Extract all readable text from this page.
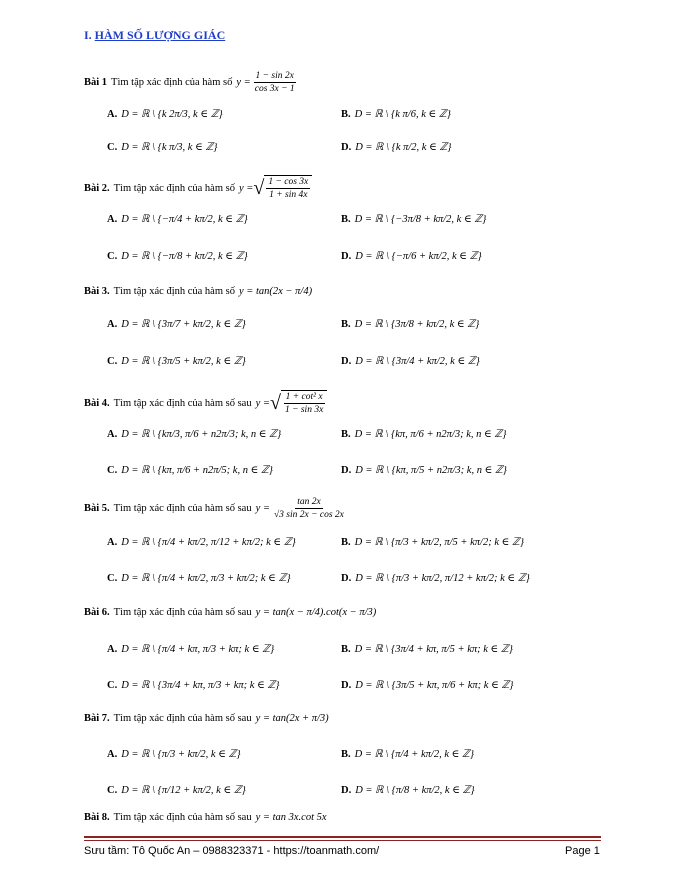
I. HÀM SỐ LƯỢNG GIÁC
Bài 1 Tìm tập xác định của hàm số $y = \frac{1 - \sin 2x}{\cos 3x - 1}$
A. D = ℝ \ {k 2π/3, k ∈ ℤ}	B. D = ℝ \ {k π/6, k ∈ ℤ}
C. D = ℝ \ {k π/3, k ∈ ℤ}	D. D = ℝ \ {k π/2, k ∈ ℤ}
Bài 2. Tìm tập xác định của hàm số y = √ $\frac{1 - \cos 3x}{1 + \sin 4x}$
A. D = ℝ \ {−π/4 + kπ/2, k ∈ ℤ}	B. D = ℝ \ {−3π/8 + kπ/2, k ∈ ℤ}
C. D = ℝ \ {−π/8 + kπ/2, k ∈ ℤ}	D. D = ℝ \ {−π/6 + kπ/2, k ∈ ℤ}
Bài 3. Tìm tập xác định của hàm số y = tan(2x − π/4)
A. D = ℝ \ {3π/7 + kπ/2, k ∈ ℤ}	B. D = ℝ \ {3π/8 + kπ/2, k ∈ ℤ}
C. D = ℝ \ {3π/5 + kπ/2, k ∈ ℤ}	D. D = ℝ \ {3π/4 + kπ/2, k ∈ ℤ}
Bài 4. Tìm tập xác định của hàm số sau y = √ $\frac{\text{1 + cot² x}}{1 - \sin 3x}$
A. D = ℝ \ {kπ/3, π/6 + n2π/3; k, n ∈ ℤ}	B. D = ℝ \ {kπ, π/6 + n2π/3; k, n ∈ ℤ}
C. D = ℝ \ {kπ, π/6 + n2π/5; k, n ∈ ℤ}	D. D = ℝ \ {kπ, π/5 + n2π/3; k, n ∈ ℤ}
Bài 5. Tìm tập xác định của hàm số sau $y = \frac{\tan 2x}{√3 \sin 2x - \cos 2x}$
A. D = ℝ \ {π/4 + kπ/2, π/12 + kπ/2; k ∈ ℤ}	B. D = ℝ \ {π/3 + kπ/2, π/5 + kπ/2; k ∈ ℤ}
C. D = ℝ \ {π/4 + kπ/2, π/3 + kπ/2; k ∈ ℤ}	D. D = ℝ \ {π/3 + kπ/2, π/12 + kπ/2; k ∈ ℤ}
Bài 6. Tìm tập xác định của hàm số sau y = tan(x − π/4).cot(x − π/3)
A. D = ℝ \ {π/4 + kπ, π/3 + kπ; k ∈ ℤ}	B. D = ℝ \ {3π/4 + kπ, π/5 + kπ; k ∈ ℤ}
C. D = ℝ \ {3π/4 + kπ, π/3 + kπ; k ∈ ℤ}	D. D = ℝ \ {3π/5 + kπ, π/6 + kπ; k ∈ ℤ}
Bài 7. Tìm tập xác định của hàm số sau y = tan(2x + π/3)
A. D = ℝ \ {π/3 + kπ/2, k ∈ ℤ}	B. D = ℝ \ {π/4 + kπ/2, k ∈ ℤ}
C. D = ℝ \ {π/12 + kπ/2, k ∈ ℤ}	D. D = ℝ \ {π/8 + kπ/2, k ∈ ℤ}
Bài 8. Tìm tập xác định của hàm số sau y = tan 3x.cot 5x
Sưu tầm: Tô Quốc An – 0988323371 - https://toanmath.com/	Page 1
